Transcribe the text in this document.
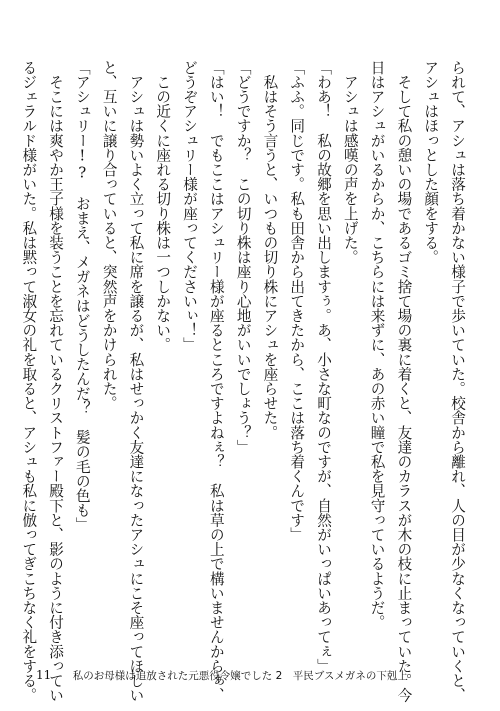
られて、アシュは落ち着かない様子で歩いていた。校舎から離れ、人の目が少なくなっていくと、

アシュはほっとした顔をする。

　そして私の憩いの場であるゴミ捨て場の裏に着くと、友達のカラスが木の枝に止まっていた。今

日はアシュがいるからか、こちらには来ずに、あの赤い瞳で私を見守っているようだ。

　アシュは感嘆の声を上げた。

「わあ！　私の故郷を思い出しますぅ。あ、小さな町なのですが、自然がいっぱいあってぇ」

「ふふ。同じです。私も田舎から出てきたから、ここは落ち着くんです」

　私はそう言うと、いつもの切り株にアシュを座らせた。

「どうですか？　この切り株は座り心地がいいでしょう？」

「はい！　でもここはアシュリー様が座るところですよねぇ？　私は草の上で構いませんからぁ、

どうぞアシュリー様が座ってくださいぃ！」

　この近くに座れる切り株は一つしかない。

　アシュは勢いよく立って私に席を譲るが、私はせっかく友達になったアシュにこそ座ってほしい

と、互いに譲り合っていると、突然声をかけられた。

「アシュリー!?　おまえ、メガネはどうしたんだ？　髪の毛の色も」

　そこには爽やか王子様を装うことを忘れているクリストファー殿下と、影のように付き添ってい

るジェラルド様がいた。私は黙って淑女の礼を取ると、アシュも私に倣ってぎこちなく礼をする。

11 私のお母様は追放された元悪役令嬢でした 2　平民ブスメガネの下剋上
